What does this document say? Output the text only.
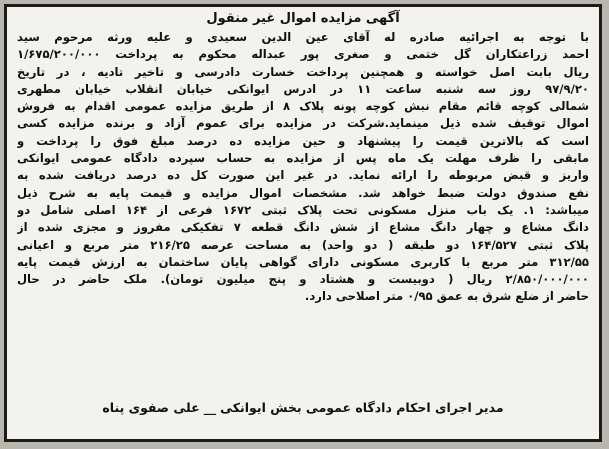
آگهی مزایده اموال غیر منقول
با توجه به اجرائیه صادره له آقای عین الدین سعیدی و علیه ورثه مرحوم سید
احمد زراعتکاران گل ختمی و صغری پور عبداله محکوم به پرداخت ۱/۶۷۵/۲۰۰/۰۰۰
ریال بابت اصل خواسته و همچنین پرداخت خسارت دادرسی و تاخیر تادیه ، در تاریخ
۹۷/۹/۲۰ روز سه شنبه ساعت ۱۱ در ادرس ایوانکی خیابان انقلاب خیابان مطهری
شمالی کوچه قائم مقام نبش کوچه پونه پلاک ۸ از طریق مزایده عمومی اقدام به فروش
اموال توقیف شده ذیل مینماید.شرکت در مزایده برای عموم آزاد و برنده مزایده کسی
است که بالاترین قیمت را پیشنهاد و حین مزایده ده درصد مبلغ فوق را پرداخت و
مابقی را ظرف مهلت یک ماه پس از مزایده به حساب سپرده دادگاه عمومی ایوانکی
واریز و قبض مربوطه را ارائه نماید. در غیر این صورت کل ده درصد دریافت شده به
نفع صندوق دولت ضبط خواهد شد. مشخصات اموال مزایده و قیمت پایه به شرح ذیل
میباشد: ۱. یک باب منزل مسکونی تحت پلاک ثبتی ۱۶۷۲ فرعی از ۱۶۴ اصلی شامل دو
دانگ مشاع و چهار دانگ مشاع از شش دانگ قطعه ۷ تفکیکی مفروز و مجزی شده از
پلاک ثبتی ۱۶۴/۵۲۷ دو طبقه ( دو واحد) به مساحت عرصه ۲۱۶/۲۵ متر مربع و اعیانی
۳۱۲/۵۵ متر مربع با کاربری مسکونی دارای گواهی پایان ساختمان به ارزش قیمت پایه
۲/۸۵۰/۰۰۰/۰۰۰ ریال ( دوبیست و هشتاد و پنج میلیون تومان). ملک حاضر در حال
حاضر از ضلع شرق به عمق ۰/۹۵ متر اصلاحی دارد.
مدیر اجرای احکام دادگاه عمومی بخش ایوانکی__علی صفوی پناه
